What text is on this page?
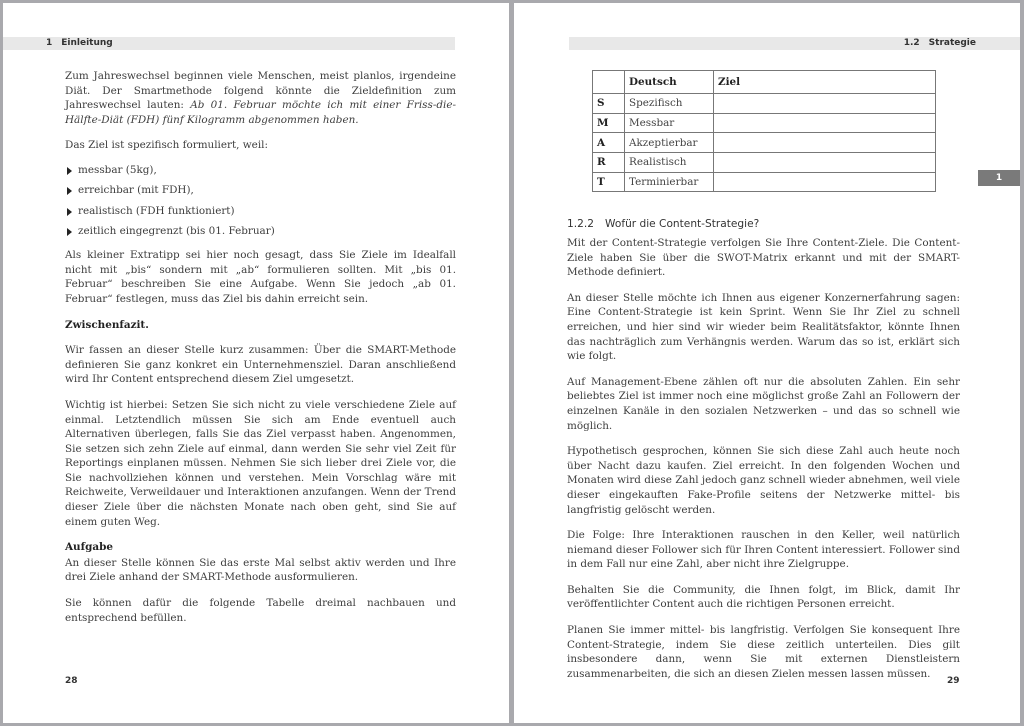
1 Einleitung

Zum Jahreswechsel beginnen viele Menschen, meist planlos, irgendeine Diät. Der Smartmethode folgend könnte die Zieldefinition zum Jahreswechsel lauten: Ab 01. Februar möchte ich mit einer Friss-die-Hälfte-Diät (FDH) fünf Kilogramm abgenommen haben.

Das Ziel ist spezifisch formuliert, weil:

messbar (5kg),
erreichbar (mit FDH),
realistisch (FDH funktioniert)
zeitlich eingegrenzt (bis 01. Februar)

Als kleiner Extratipp sei hier noch gesagt, dass Sie Ziele im Idealfall nicht mit „bis“ sondern mit „ab“ formulieren sollten. Mit „bis 01. Februar“ beschreiben Sie eine Aufgabe. Wenn Sie jedoch „ab 01. Februar“ festlegen, muss das Ziel bis dahin erreicht sein.

Zwischenfazit.

Wir fassen an dieser Stelle kurz zusammen: Über die SMART-Methode definieren Sie ganz konkret ein Unternehmensziel. Daran anschließend wird Ihr Content entsprechend diesem Ziel umgesetzt.

Wichtig ist hierbei: Setzen Sie sich nicht zu viele verschiedene Ziele auf einmal. Letztendlich müssen Sie sich am Ende eventuell auch Alternativen überlegen, falls Sie das Ziel verpasst haben. Angenommen, Sie setzen sich zehn Ziele auf einmal, dann werden Sie sehr viel Zeit für Reportings einplanen müssen. Nehmen Sie sich lieber drei Ziele vor, die Sie nachvollziehen können und verstehen. Mein Vorschlag wäre mit Reichweite, Verweildauer und Interaktionen anzufangen. Wenn der Trend dieser Ziele über die nächsten Monate nach oben geht, sind Sie auf einem guten Weg.

Aufgabe

An dieser Stelle können Sie das erste Mal selbst aktiv werden und Ihre drei Ziele anhand der SMART-Methode ausformulieren.

Sie können dafür die folgende Tabelle dreimal nachbauen und entsprechend befüllen.

28
1.2 Strategie
	Deutsch	Ziel
S	Spezifisch	
M	Messbar	
A	Akzeptierbar	
R	Realistisch	
T	Terminierbar		1
1.2.2 Wofür die Content-Strategie?

Mit der Content-Strategie verfolgen Sie Ihre Content-Ziele. Die Content-Ziele haben Sie über die SWOT-Matrix erkannt und mit der SMART-Methode definiert.

An dieser Stelle möchte ich Ihnen aus eigener Konzernerfahrung sagen: Eine Content-Strategie ist kein Sprint. Wenn Sie Ihr Ziel zu schnell erreichen, und hier sind wir wieder beim Realitätsfaktor, könnte Ihnen das nachträglich zum Verhängnis werden. Warum das so ist, erklärt sich wie folgt.

Auf Management-Ebene zählen oft nur die absoluten Zahlen. Ein sehr beliebtes Ziel ist immer noch eine möglichst große Zahl an Followern der einzelnen Kanäle in den sozialen Netzwerken – und das so schnell wie möglich.

Hypothetisch gesprochen, können Sie sich diese Zahl auch heute noch über Nacht dazu kaufen. Ziel erreicht. In den folgenden Wochen und Monaten wird diese Zahl jedoch ganz schnell wieder abnehmen, weil viele dieser eingekauften Fake-Profile seitens der Netzwerke mittel- bis langfristig gelöscht werden.

Die Folge: Ihre Interaktionen rauschen in den Keller, weil natürlich niemand dieser Follower sich für Ihren Content interessiert. Follower sind in dem Fall nur eine Zahl, aber nicht ihre Zielgruppe.

Behalten Sie die Community, die Ihnen folgt, im Blick, damit Ihr veröffentlichter Content auch die richtigen Personen erreicht.

Planen Sie immer mittel- bis langfristig. Verfolgen Sie konsequent Ihre Content-Strategie, indem Sie diese zeitlich unterteilen. Dies gilt insbesondere dann, wenn Sie mit externen Dienstleistern zusammenarbeiten, die sich an diesen Zielen messen lassen müssen.

29
